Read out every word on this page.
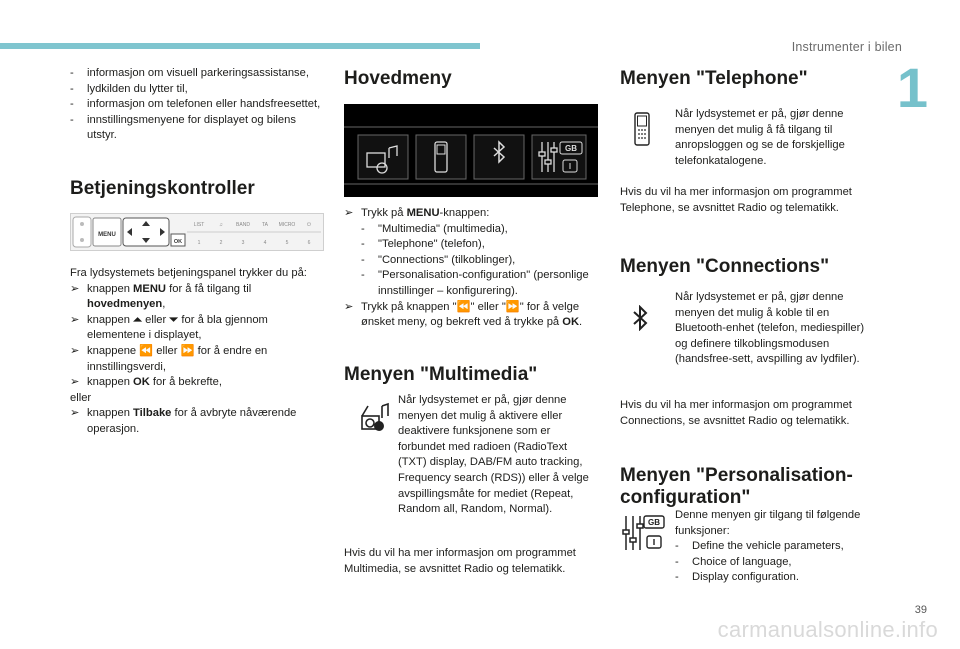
Instrumenter i bilen
1
- informasjon om visuell parkeringsassistanse,
- lydkilden du lytter til,
- informasjon om telefonen eller handsfreesettet,
- innstillingsmenyene for displayet og bilens utstyr.
Betjeningskontroller
MENU
OK
LIST	♫	BAND TA MICRO ⏻
1	2	3	4	5	6

Fra lydsystemets betjeningspanel trykker du på:

➢ knappen MENU for å få tilgang til hovedmenyen,
➢ knappen ⏶ eller ⏷ for å bla gjennom elementene i displayet,
➢ knappene ⏪ eller ⏩ for å endre en innstillingsverdi,
➢ knappen OK for å bekrefte,

eller

➢ knappen Tilbake for å avbryte nåværende operasjon.
Hovedmeny
GB
➢ Trykk på MENU-knappen:
- "Multimedia" (multimedia),
- "Telephone" (telefon),
- "Connections" (tilkoblinger),
- "Personalisation-configuration" (personlige innstillinger – konfigurering).
➢ Trykk på knappen "⏪" eller "⏩" for å velge ønsket meny, og bekreft ved å trykke på OK.
Menyen "Multimedia"

Når lydsystemet er på, gjør denne menyen det mulig å aktivere eller deaktivere funksjonene som er forbundet med radioen (RadioText (TXT) display, DAB/FM auto tracking, Frequency search (RDS)) eller å velge avspillingsmåte for mediet (Repeat, Random all, Random, Normal).

Hvis du vil ha mer informasjon om programmet Multimedia, se avsnittet Radio og telematikk.

Menyen "Telephone"

Når lydsystemet er på, gjør denne menyen det mulig å få tilgang til anropsloggen og se de forskjellige telefonkatalogene.

Hvis du vil ha mer informasjon om programmet Telephone, se avsnittet Radio og telematikk.

Menyen "Connections"

Når lydsystemet er på, gjør denne menyen det mulig å koble til en Bluetooth-enhet (telefon, mediespiller) og definere tilkoblingsmodusen (handsfree-sett, avspilling av lydfiler).

Hvis du vil ha mer informasjon om programmet Connections, se avsnittet Radio og telematikk.

Menyen "Personalisation-
configuration"
GB

Denne menyen gir tilgang til følgende funksjoner:

- Define the vehicle parameters,
- Choice of language,
- Display configuration.
39
carmanualsonline.info
